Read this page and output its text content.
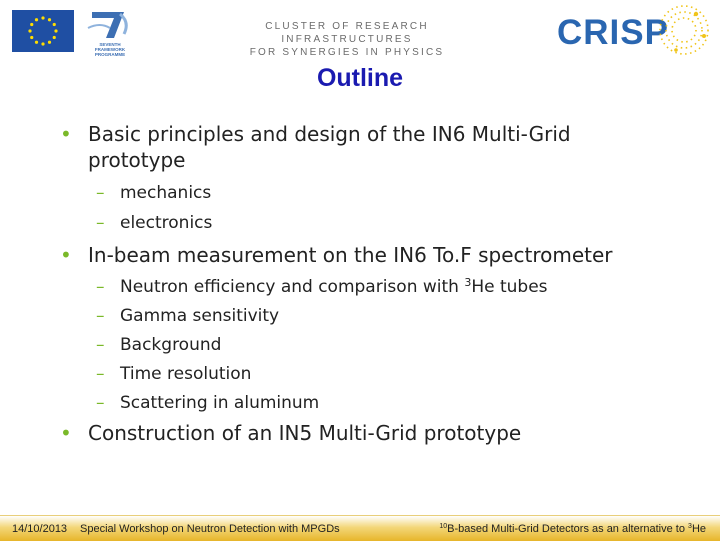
SEVENTH FRAMEWORK PROGRAMME
CLUSTER OF RESEARCH INFRASTRUCTURES
FOR SYNERGIES IN PHYSICS
CRISP
Outline
• Basic principles and design of the IN6 Multi-Grid
prototype
– mechanics
– electronics
• In-beam measurement on the IN6 To.F spectrometer
– Neutron efficiency and comparison with $^3$He tubes
– Gamma sensitivity
– Background
– Time resolution
– Scattering in aluminum
• Construction of an IN5 Multi-Grid prototype
14/10/2013 Special Workshop on Neutron Detection with MPGDs	$^{10}$B-based Multi-Grid Detectors as an alternative to $^3$He
